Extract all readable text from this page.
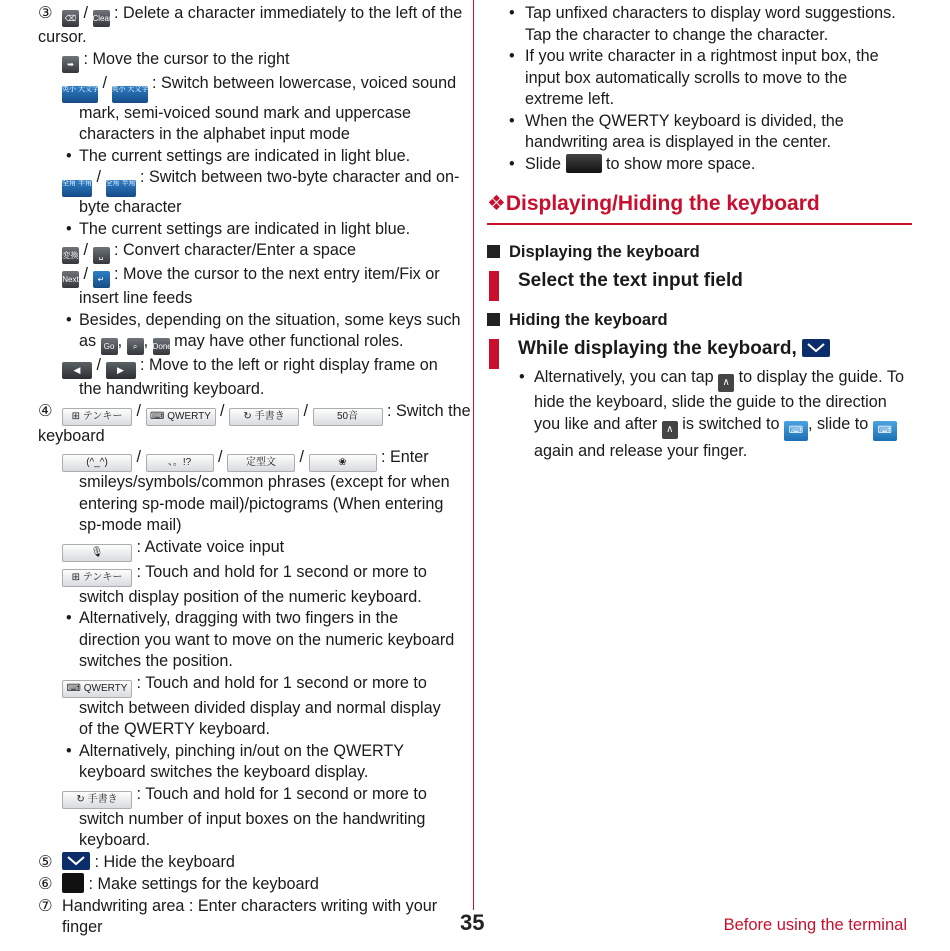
③ ⌫ / Clear : Delete a character immediately to the left of the
cursor.
➡ : Move the cursor to the right
英小 大文字 / 英小 大文字 : Switch between lowercase, voiced sound
mark, semi-voiced sound mark and uppercase
characters in the alphabet input mode
• The current settings are indicated in light blue.
全角 半角 / 全角 半角 : Switch between two-byte character and on-
byte character
• The current settings are indicated in light blue.
変換 / ␣ : Convert character/Enter a space
Next / ↵ : Move the cursor to the next entry item/Fix or
insert line feeds
• Besides, depending on the situation, some keys such
as Go , ⌕ , Done may have other functional roles.
◀ / ▶ : Move to the left or right display frame on
the handwriting keyboard.
④ ⊞ テンキー / ⌨ QWERTY / ↻ 手書き / 50音 : Switch the
keyboard
(^_^) / 、。!? / 定型文 /	❀ : Enter
smileys/symbols/common phrases (except for when
entering sp-mode mail)/pictograms (When entering
sp-mode mail)
🎙 : Activate voice input
⊞ テンキー : Touch and hold for 1 second or more to
switch display position of the numeric keyboard.
• Alternatively, dragging with two fingers in the
direction you want to move on the numeric keyboard
switches the position.
⌨ QWERTY : Touch and hold for 1 second or more to
switch between divided display and normal display
of the QWERTY keyboard.
• Alternatively, pinching in/out on the QWERTY
keyboard switches the keyboard display.
↻ 手書き : Touch and hold for 1 second or more to
switch number of input boxes on the handwriting
keyboard.
⑤	: Hide the keyboard
⑥ : Make settings for the keyboard
⑦ Handwriting area : Enter characters writing with your
finger
• Tap unfixed characters to display word suggestions.
Tap the character to change the character.
• If you write character in a rightmost input box, the
input box automatically scrolls to move to the
extreme left.
• When the QWERTY keyboard is divided, the
handwriting area is displayed in the center.
• Slide	to show more space.
❖Displaying/Hiding the keyboard
Displaying the keyboard
Select the text input field
Hiding the keyboard
While displaying the keyboard,
• Alternatively, you can tap ∧ to display the guide. To
hide the keyboard, slide the guide to the direction
you like and after ∧ is switched to ⌨ , slide to ⌨
again and release your finger.
35	Before using the terminal
